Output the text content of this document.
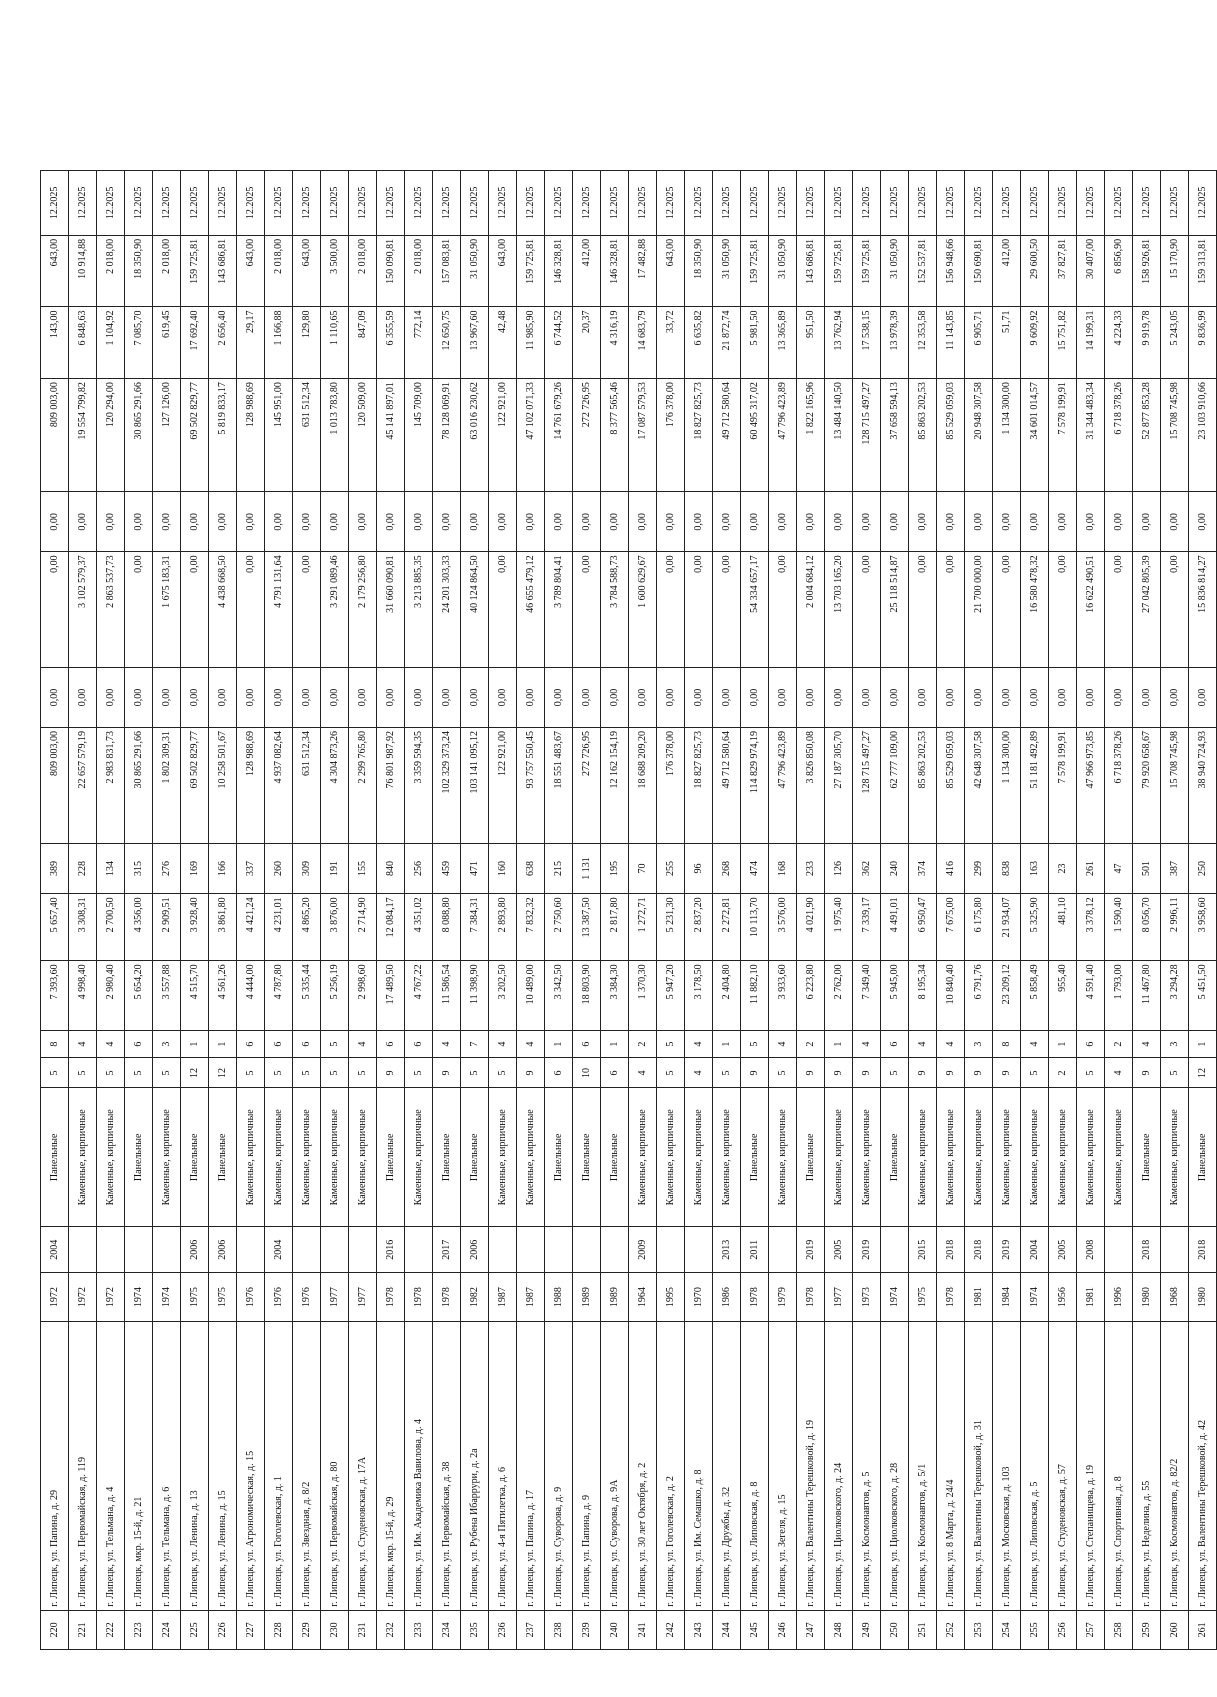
220	г. Липецк, ул. Папина, д. 29	1972	2004	Панельные	5	8	7 393,60	5 657,40	389	809 003,00	0,00	0,00	0,00	809 003,00	143,00	643,00	12.2025
221	г. Липецк, ул. Первомайская, д. 119	1972		Каменные, кирпичные	5	4	4 998,40	3 308,31	228	22 657 579,19	0,00	3 102 579,37	0,00	19 554 799,82	6 848,63	10 914,88	12.2025
222	г. Липецк, ул. Тельмана, д. 4	1972		Каменные, кирпичные	5	4	2 980,40	2 700,50	134	2 983 831,73	0,00	2 863 537,73	0,00	120 294,00	1 104,92	2 018,00	12.2025
223	г. Липецк, мкр. 15-й, д. 21	1974		Панельные	5	6	5 654,20	4 356,00	315	30 865 291,66	0,00	0,00	0,00	30 865 291,66	7 085,70	18 350,90	12.2025
224	г. Липецк, ул. Тельмана, д. 6	1974		Каменные, кирпичные	5	3	3 557,88	2 909,51	276	1 802 309,31	0,00	1 675 183,31	0,00	127 126,00	619,45	2 018,00	12.2025
225	г. Липецк, ул. Ленина, д. 13	1975	2006	Панельные	12	1	4 515,70	3 928,40	169	69 502 829,77	0,00	0,00	0,00	69 502 829,77	17 692,40	159 725,81	12.2025
226	г. Липецк, ул. Ленина, д. 15	1975	2006	Панельные	12	1	4 561,26	3 861,80	166	10 258 501,67	0,00	4 438 668,50	0,00	5 819 833,17	2 656,40	143 686,81	12.2025
227	г. Липецк, ул. Агрономическая, д. 15	1976		Каменные, кирпичные	5	6	4 444,00	4 421,24	337	128 988,69	0,00	0,00	0,00	128 988,69	29,17	643,00	12.2025
228	г. Липецк, ул. Гоголевская, д. 1	1976	2004	Каменные, кирпичные	5	6	4 787,80	4 231,01	260	4 937 082,64	0,00	4 791 131,64	0,00	145 951,00	1 166,88	2 018,00	12.2025
229	г. Липецк, ул. Звездная, д. 8/2	1976		Каменные, кирпичные	5	6	5 335,44	4 865,20	309	631 512,34	0,00	0,00	0,00	631 512,34	129,80	643,00	12.2025
230	г. Липецк, ул. Первомайская, д. 80	1977		Каменные, кирпичные	5	5	5 256,19	3 876,00	191	4 304 873,26	0,00	3 291 089,46	0,00	1 013 783,80	1 110,65	3 500,00	12.2025
231	г. Липецк, ул. Студеновская, д. 17А	1977		Каменные, кирпичные	5	4	2 998,60	2 714,90	155	2 299 765,80	0,00	2 179 256,80	0,00	120 509,00	847,09	2 018,00	12.2025
232	г. Липецк, мкр. 15-й, д. 29	1978	2016	Панельные	9	6	17 489,50	12 084,17	840	76 801 987,92	0,00	31 660 090,81	0,00	45 141 897,01	6 355,59	150 090,81	12.2025
233	г. Липецк, ул. Им. Академика Вавилова, д. 4	1978		Каменные, кирпичные	5	6	4 767,22	4 351,02	256	3 359 594,35	0,00	3 213 885,35	0,00	145 709,00	772,14	2 018,00	12.2025
234	г. Липецк, ул. Первомайская, д. 38	1978	2017	Панельные	9	4	11 586,54	8 088,80	459	102 329 373,24	0,00	24 201 303,33	0,00	78 128 069,91	12 650,75	157 083,81	12.2025
235	г. Липецк, ул. Рубена Ибаррури, д. 2а	1982	2006	Панельные	5	7	11 398,90	7 384,31	471	103 141 095,12	0,00	40 124 864,50	0,00	63 016 230,62	13 967,60	31 050,90	12.2025
236	г. Липецк, ул. 4-я Пятилетка, д. 6	1987		Каменные, кирпичные	5	4	3 202,50	2 893,80	160	122 921,00	0,00	0,00	0,00	122 921,00	42,48	643,00	12.2025
237	г. Липецк, ул. Папина, д. 17	1987		Каменные, кирпичные	9	4	10 489,00	7 832,32	638	93 757 550,45	0,00	46 655 479,12	0,00	47 102 071,33	11 985,90	159 725,81	12.2025
238	г. Липецк, ул. Суворова, д. 9	1988		Панельные	6	1	3 342,50	2 750,60	215	18 551 483,67	0,00	3 789 804,41	0,00	14 761 679,26	6 744,52	146 328,81	12.2025
239	г. Липецк, ул. Папина, д. 9	1989		Панельные	10	6	18 803,90	13 387,50	1 131	272 726,95	0,00	0,00	0,00	272 726,95	20,37	412,00	12.2025
240	г. Липецк, ул. Суворова, д. 9А	1989		Панельные	6	1	3 384,30	2 817,80	195	12 162 154,19	0,00	3 784 588,73	0,00	8 377 565,46	4 316,19	146 328,81	12.2025
241	г. Липецк, ул. 30 лет Октября, д. 2	1964	2009	Каменные, кирпичные	4	2	1 370,30	1 272,71	70	18 688 209,20	0,00	1 600 629,67	0,00	17 087 579,53	14 683,79	17 482,88	12.2025
242	г. Липецк, ул. Гоголевская, д. 2	1995		Каменные, кирпичные	5	5	5 947,20	5 231,30	255	176 378,00	0,00	0,00	0,00	176 378,00	33,72	643,00	12.2025
243	г. Липецк, ул. Им. Семашко, д. 8	1970		Каменные, кирпичные	4	4	3 178,50	2 837,20	96	18 827 825,73	0,00	0,00	0,00	18 827 825,73	6 635,82	18 350,90	12.2025
244	г. Липецк, ул. Дружбы, д. 32	1986	2013	Каменные, кирпичные	5	1	2 404,80	2 272,81	268	49 712 580,64	0,00	0,00	0,00	49 712 580,64	21 872,74	31 050,90	12.2025
245	г. Липецк, ул. Липовская, д. 8	1978	2011	Панельные	9	5	11 882,10	10 113,70	474	114 829 974,19	0,00	54 334 657,17	0,00	60 495 317,02	5 981,50	159 725,81	12.2025
246	г. Липецк, ул. Зегеля, д. 15	1979		Каменные, кирпичные	5	4	3 933,60	3 576,00	168	47 796 423,89	0,00	0,00	0,00	47 796 423,89	13 365,89	31 050,90	12.2025
247	г. Липецк, ул. Валентины Терешковой, д. 19	1978	2019	Панельные	9	2	6 223,80	4 021,90	233	3 826 850,08	0,00	2 004 684,12	0,00	1 822 165,96	951,50	143 686,81	12.2025
248	г. Липецк, ул. Циолковского, д. 24	1977	2005	Каменные, кирпичные	9	1	2 762,00	1 975,40	126	27 187 305,70	0,00	13 703 165,20	0,00	13 484 140,50	13 762,94	159 725,81	12.2025
249	г. Липецк, ул. Космонавтов, д. 5	1973	2019	Каменные, кирпичные	9	4	7 349,40	7 339,17	362	128 715 497,27	0,00	0,00	0,00	128 715 497,27	17 538,15	159 725,81	12.2025
250	г. Липецк, ул. Циолковского, д. 28	1974		Панельные	5	6	5 945,00	4 491,01	240	62 777 109,00	0,00	25 118 514,87	0,00	37 658 594,13	13 978,39	31 050,90	12.2025
251	г. Липецк, ул. Космонавтов, д. 5/1	1975	2015	Каменные, кирпичные	9	4	8 195,34	6 950,47	374	85 863 202,53	0,00	0,00	0,00	85 863 202,53	12 353,58	152 537,81	12.2025
252	г. Липецк, ул. 8 Марта, д. 24/4	1978	2018	Каменные, кирпичные	9	4	10 840,40	7 675,00	416	85 529 059,03	0,00	0,00	0,00	85 529 059,03	11 143,85	156 948,66	12.2025
253	г. Липецк, ул. Валентины Терешковой, д. 31	1981	2018	Каменные, кирпичные	9	3	6 791,76	6 175,80	299	42 648 307,58	0,00	21 700 000,00	0,00	20 948 307,58	6 905,71	150 690,81	12.2025
254	г. Липецк, ул. Московская, д. 103	1984	2019	Каменные, кирпичные	9	8	23 209,12	21 934,07	838	1 134 300,00	0,00	0,00	0,00	1 134 300,00	51,71	412,00	12.2025
255	г. Липецк, ул. Липовская, д. 5	1974	2004	Каменные, кирпичные	5	4	5 858,49	5 325,90	163	51 181 492,89	0,00	16 580 478,32	0,00	34 601 014,57	9 609,92	29 600,50	12.2025
256	г. Липецк, ул. Студеновская, д. 57	1956	2005	Каменные, кирпичные	2	1	955,40	481,10	23	7 578 199,91	0,00	0,00	0,00	7 578 199,91	15 751,82	37 827,81	12.2025
257	г. Липецк, ул. Степанищева, д. 19	1981	2008	Каменные, кирпичные	5	6	4 591,40	3 378,12	261	47 966 973,85	0,00	16 622 490,51	0,00	31 344 483,34	14 199,31	30 407,00	12.2025
258	г. Липецк, ул. Спортивная, д. 8	1996		Каменные, кирпичные	4	2	1 793,00	1 590,40	47	6 718 378,26	0,00	0,00	0,00	6 718 378,26	4 224,33	6 856,90	12.2025
259	г. Липецк, ул. Неделина, д. 55	1980	2018	Панельные	9	4	11 467,80	8 056,70	501	79 920 658,67	0,00	27 042 805,39	0,00	52 877 853,28	9 919,78	158 926,81	12.2025
260	г. Липецк, ул. Космонавтов, д. 82/2	1968		Каменные, кирпичные	5	3	3 294,28	2 996,11	387	15 708 745,98	0,00	0,00	0,00	15 708 745,98	5 243,05	15 170,90	12.2025
261	г. Липецк, ул. Валентины Терешковой, д. 42	1980	2018	Панельные	12	1	5 451,50	3 958,60	250	38 940 724,93	0,00	15 836 814,27	0,00	23 103 910,66	9 836,99	159 313,81	12.2025
